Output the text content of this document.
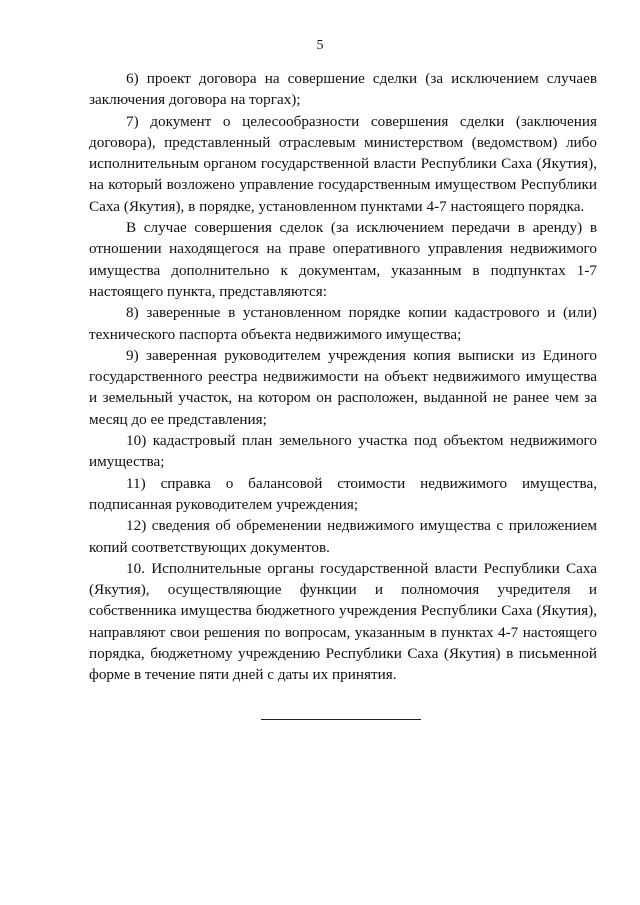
5

6) проект договора на совершение сделки (за исключением случаев заключения договора на торгах);

7) документ о целесообразности совершения сделки (заключения договора), представленный отраслевым министерством (ведомством) либо исполнительным органом государственной власти Республики Саха (Якутия), на который возложено управление государственным имуществом Республики Саха (Якутия), в порядке, установленном пунктами 4-7 настоящего порядка.

В случае совершения сделок (за исключением передачи в аренду) в отношении находящегося на праве оперативного управления недвижимого имущества дополнительно к документам, указанным в подпунктах 1-7 настоящего пункта, представляются:

8) заверенные в установленном порядке копии кадастрового и (или) технического паспорта объекта недвижимого имущества;

9) заверенная руководителем учреждения копия выписки из Единого государственного реестра недвижимости на объект недвижимого имущества и земельный участок, на котором он расположен, выданной не ранее чем за месяц до ее представления;

10) кадастровый план земельного участка под объектом недвижимого имущества;

11) справка о балансовой стоимости недвижимого имущества, подписанная руководителем учреждения;

12) сведения об обременении недвижимого имущества с приложением копий соответствующих документов.

10. Исполнительные органы государственной власти Республики Саха (Якутия), осуществляющие функции и полномочия учредителя и собственника имущества бюджетного учреждения Республики Саха (Якутия), направляют свои решения по вопросам, указанным в пунктах 4-7 настоящего порядка, бюджетному учреждению Республики Саха (Якутия) в письменной форме в течение пяти дней с даты их принятия.
